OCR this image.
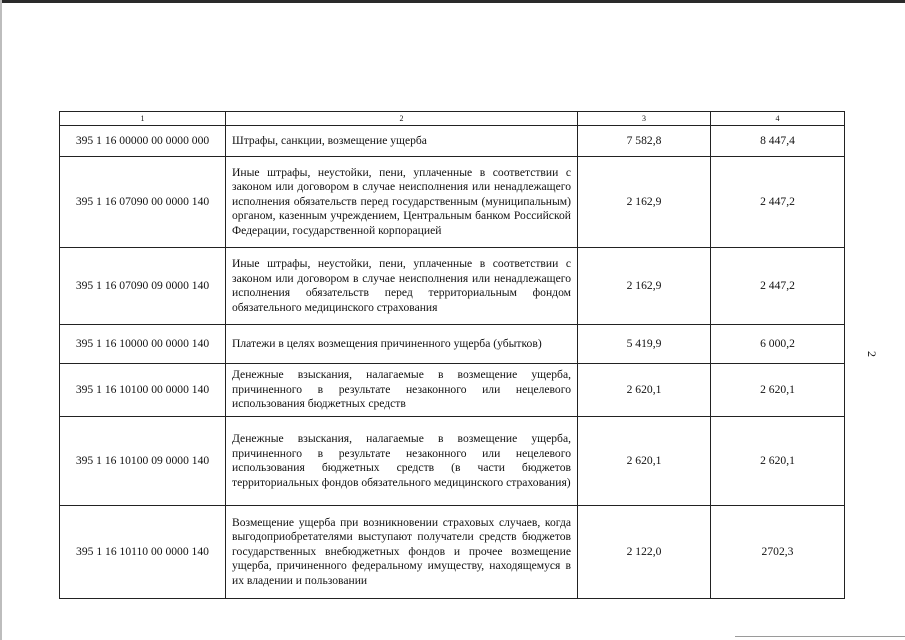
2
1	2	3	4
395 1 16 00000 00 0000 000	Штрафы, санкции, возмещение ущерба	7 582,8	8 447,4
395 1 16 07090 00 0000 140	Иные штрафы, неустойки, пени, уплаченные в соответствии с законом или договором в случае неисполнения или ненадлежащего исполнения обязательств перед государственным (муниципальным) органом, казенным учреждением, Центральным банком Российской Федерации, государственной корпорацией	2 162,9	2 447,2
395 1 16 07090 09 0000 140	Иные штрафы, неустойки, пени, уплаченные в соответствии с законом или договором в случае неисполнения или ненадлежащего исполнения обязательств перед территориальным фондом обязательного медицинского страхования	2 162,9	2 447,2
395 1 16 10000 00 0000 140	Платежи в целях возмещения причиненного ущерба (убытков)	5 419,9	6 000,2
395 1 16 10100 00 0000 140	Денежные взыскания, налагаемые в возмещение ущерба, причиненного в результате незаконного или нецелевого использования бюджетных средств	2 620,1	2 620,1
395 1 16 10100 09 0000 140	Денежные взыскания, налагаемые в возмещение ущерба, причиненного в результате незаконного или нецелевого использования бюджетных средств (в части бюджетов территориальных фондов обязательного медицинского страхования)	2 620,1	2 620,1
395 1 16 10110 00 0000 140	Возмещение ущерба при возникновении страховых случаев, когда выгодоприобретателями выступают получатели средств бюджетов государственных внебюджетных фондов и прочее возмещение ущерба, причиненного федеральному имуществу, находящемуся в их владении и пользовании	2 122,0	2702,3
